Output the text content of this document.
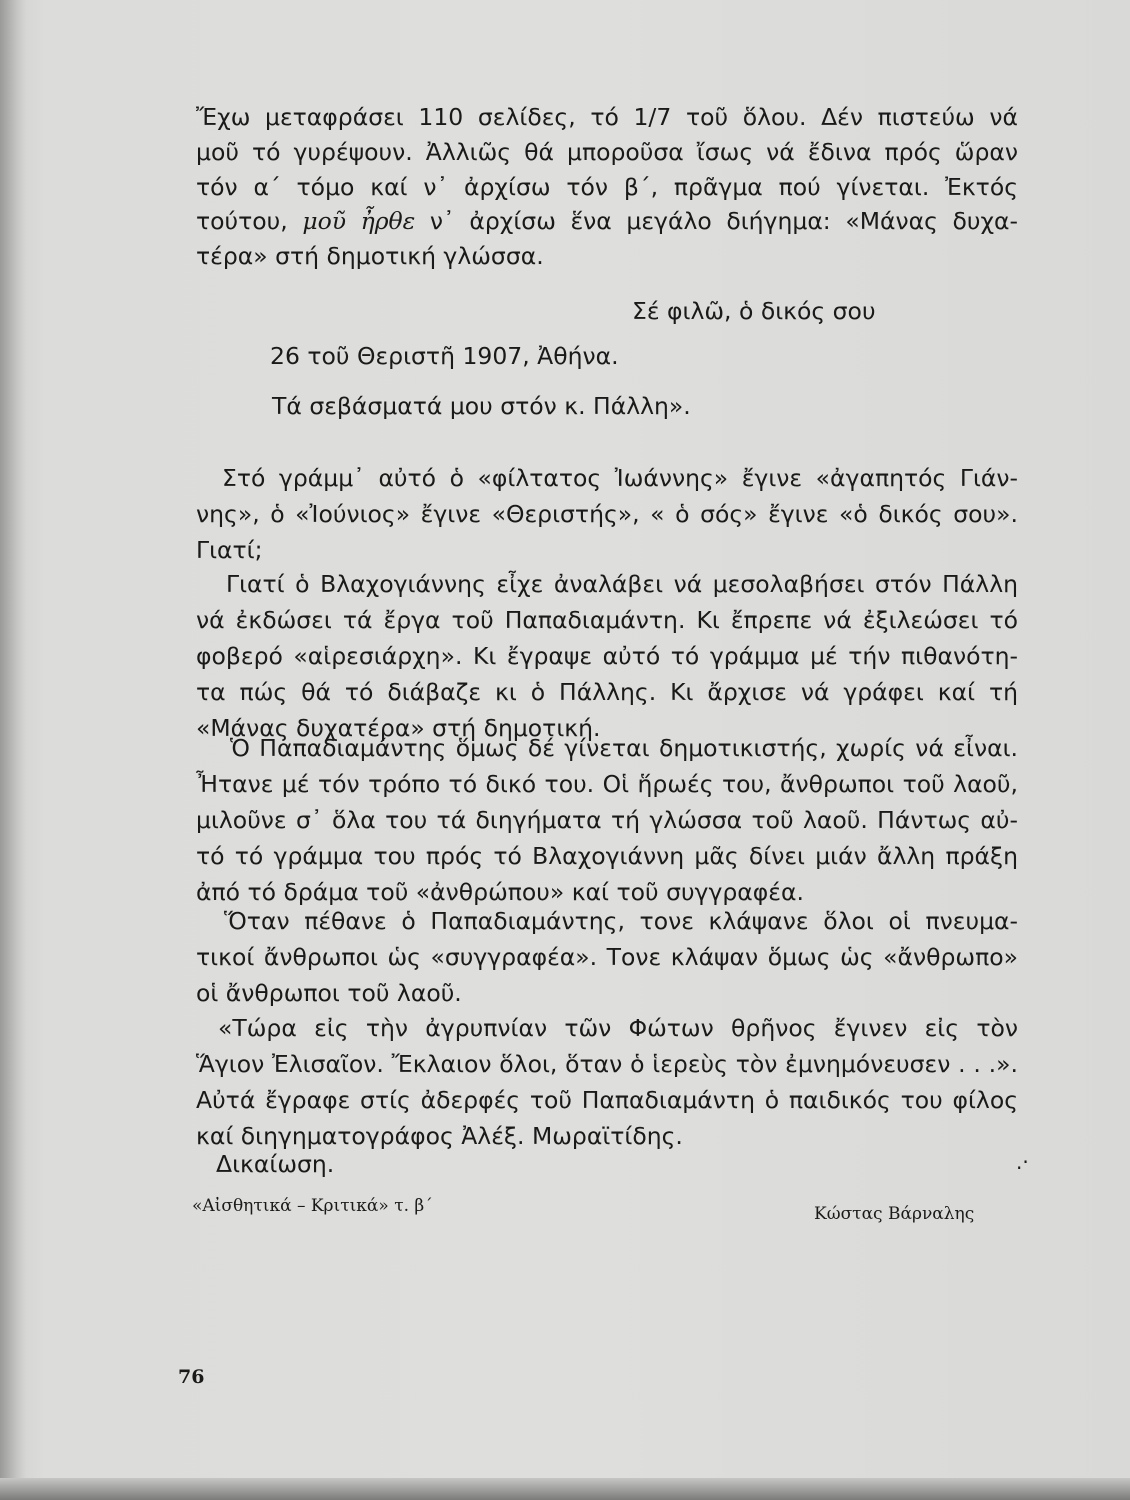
Ἔχω μεταφράσει 110 σελίδες, τό 1/7 τοῦ ὅλου. Δέν πιστεύω νά
μοῦ τό γυρέψουν. Ἀλλιῶς θά μποροῦσα ἴσως νά ἔδινα πρός ὥραν
τόν α΄ τόμο καί ν᾽ ἀρχίσω τόν β΄, πρᾶγμα πού γίνεται. Ἐκτός
τούτου, μοῦ ἦρθε ν᾽ ἀρχίσω ἕνα μεγάλο διήγημα: «Μάνας δυχα-
τέρα» στή δημοτική γλώσσα.
Σέ φιλῶ, ὁ δικός σου
26 τοῦ Θεριστῆ 1907, Ἀθήνα.
Τά σεβάσματά μου στόν κ. Πάλλη».
Στό γράμμ᾽ αὐτό ὁ «φίλτατος Ἰωάννης» ἔγινε «ἀγαπητός Γιάν-
νης», ὁ «Ἰούνιος» ἔγινε «Θεριστής», « ὁ σός» ἔγινε «ὁ δικός σου».
Γιατί;
Γιατί ὁ Βλαχογιάννης εἶχε ἀναλάβει νά μεσολαβήσει στόν Πάλλη
νά ἐκδώσει τά ἔργα τοῦ Παπαδιαμάντη. Κι ἔπρεπε νά ἐξιλεώσει τό
φοβερό «αἱρεσιάρχη». Κι ἔγραψε αὐτό τό γράμμα μέ τήν πιθανότη-
τα πώς θά τό διάβαζε κι ὁ Πάλλης. Κι ἄρχισε νά γράφει καί τή
«Μάνας δυχατέρα» στή δημοτική.
Ὁ Παπαδιαμάντης ὅμως δέ γίνεται δημοτικιστής, χωρίς νά εἶναι.
Ἦτανε μέ τόν τρόπο τό δικό του. Οἱ ἥρωές του, ἄνθρωποι τοῦ λαοῦ,
μιλοῦνε σ᾽ ὅλα του τά διηγήματα τή γλώσσα τοῦ λαοῦ. Πάντως αὐ-
τό τό γράμμα του πρός τό Βλαχογιάννη μᾶς δίνει μιάν ἄλλη πράξη
ἀπό τό δράμα τοῦ «ἀνθρώπου» καί τοῦ συγγραφέα.
Ὅταν πέθανε ὁ Παπαδιαμάντης, τονε κλάψανε ὅλοι οἱ πνευμα-
τικοί ἄνθρωποι ὡς «συγγραφέα». Τονε κλάψαν ὅμως ὡς «ἄνθρωπο»
οἱ ἄνθρωποι τοῦ λαοῦ.
«Τώρα εἰς τὴν ἀγρυπνίαν τῶν Φώτων θρῆνος ἔγινεν εἰς τὸν
Ἅγιον Ἐλισαῖον. Ἔκλαιον ὅλοι, ὅταν ὁ ἱερεὺς τὸν ἐμνημόνευσεν . . .».
Αὐτά ἔγραφε στίς ἀδερφές τοῦ Παπαδιαμάντη ὁ παιδικός του φίλος
καί διηγηματογράφος Ἀλέξ. Μωραϊτίδης.
Δικαίωση.	.·
«Αἰσθητικά – Κριτικά» τ. β΄	Κώστας Βάρναλης
76
